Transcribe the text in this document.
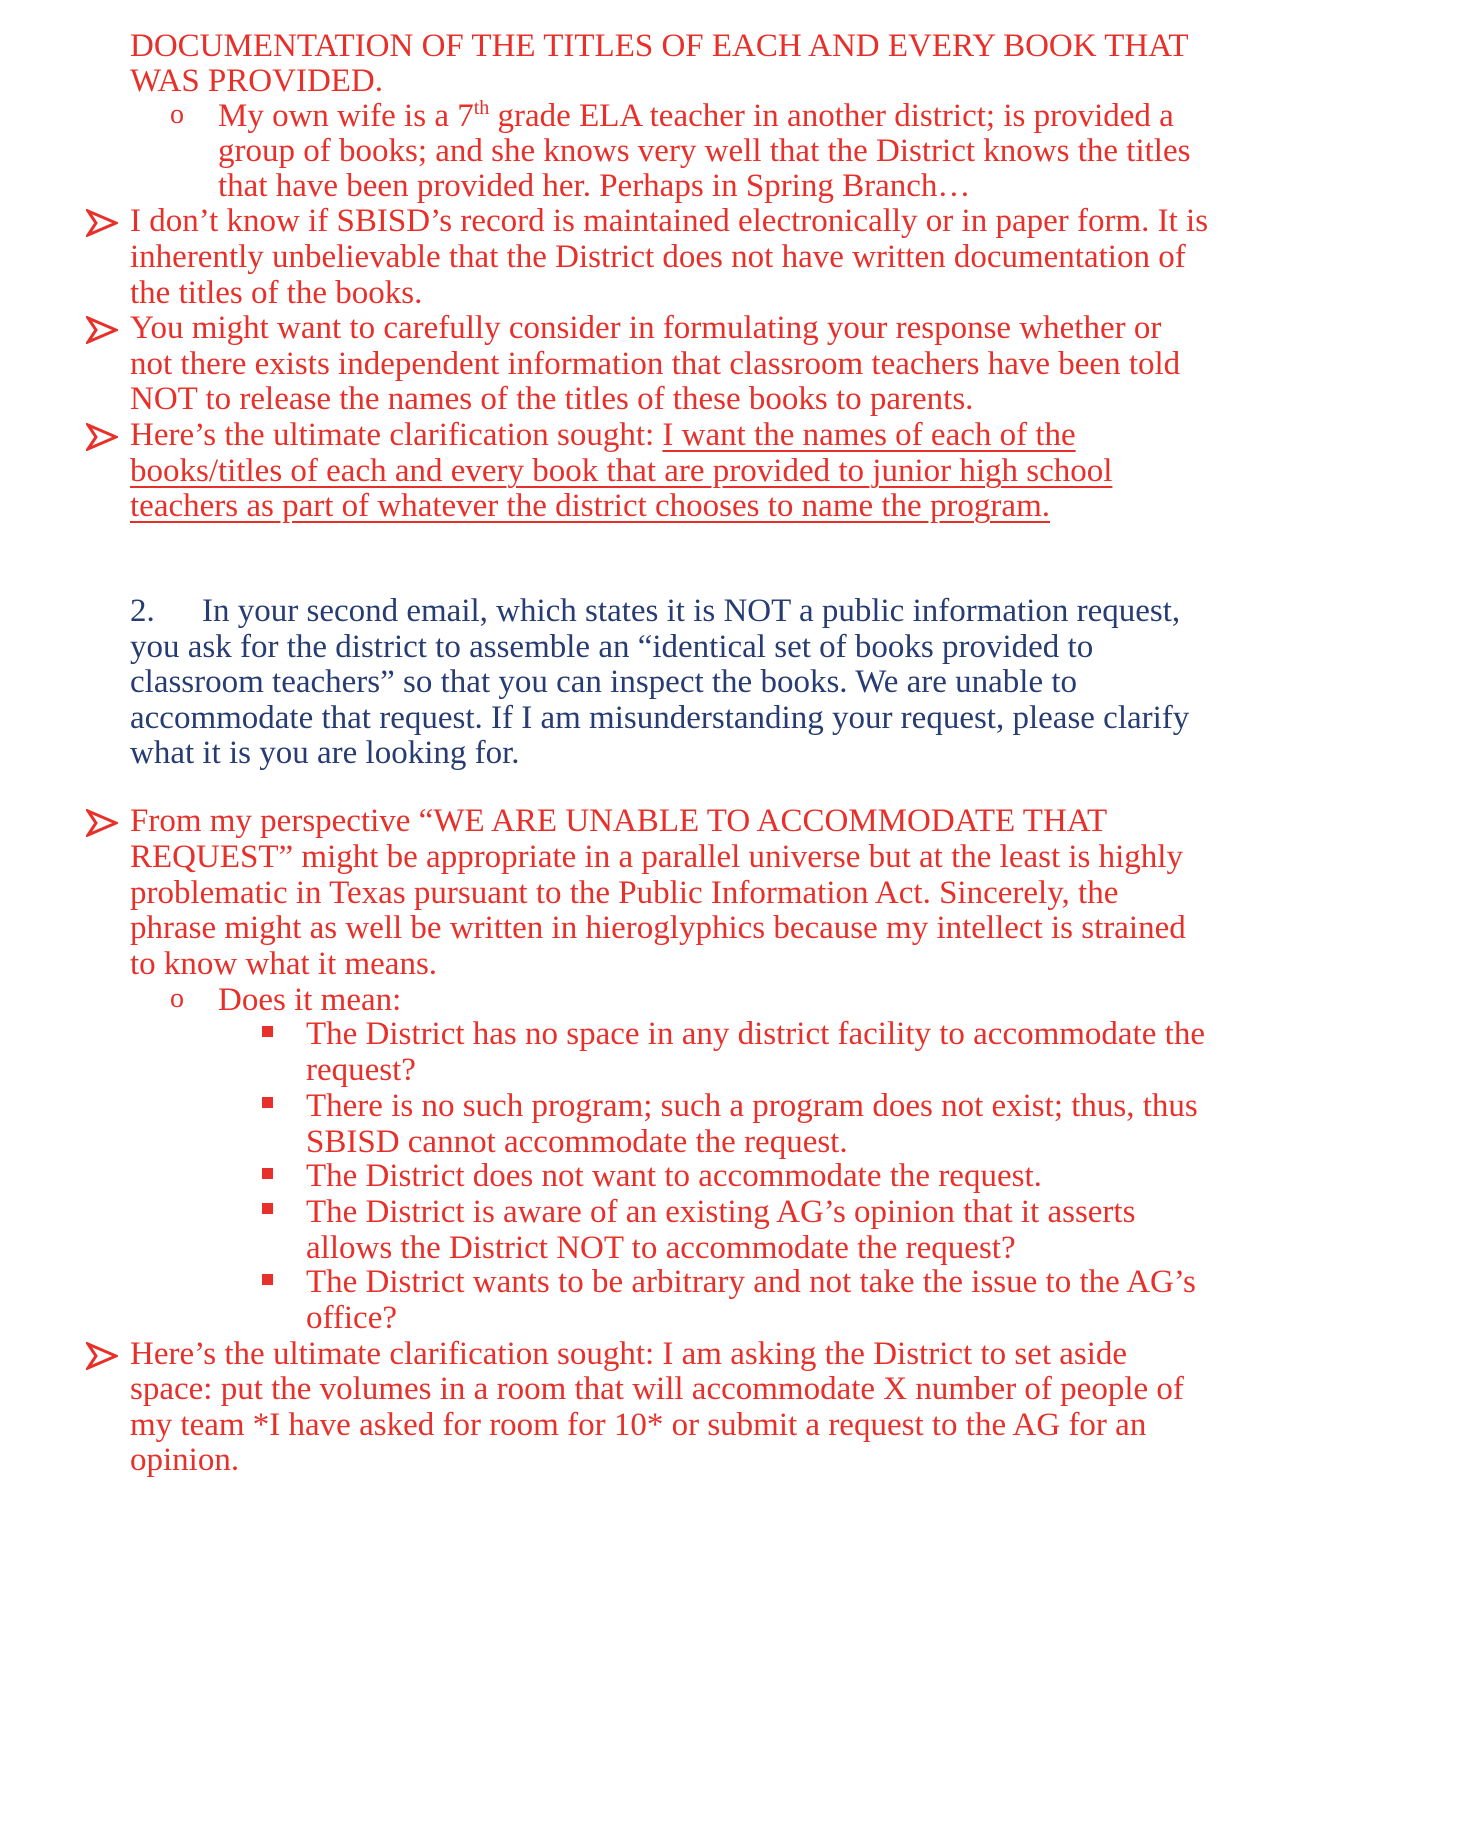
DOCUMENTATION OF THE TITLES OF EACH AND EVERY BOOK THAT
WAS PROVIDED.
o My own wife is a 7th grade ELA teacher in another district; is provided a
group of books; and she knows very well that the District knows the titles
that have been provided her. Perhaps in Spring Branch…
I don’t know if SBISD’s record is maintained electronically or in paper form. It is
inherently unbelievable that the District does not have written documentation of
the titles of the books.
You might want to carefully consider in formulating your response whether or
not there exists independent information that classroom teachers have been told
NOT to release the names of the titles of these books to parents.
Here’s the ultimate clarification sought: I want the names of each of the
books/titles of each and every book that are provided to junior high school
teachers as part of whatever the district chooses to name the program.
2. In your second email, which states it is NOT a public information request,
you ask for the district to assemble an “identical set of books provided to
classroom teachers” so that you can inspect the books. We are unable to
accommodate that request. If I am misunderstanding your request, please clarify
what it is you are looking for.
From my perspective “WE ARE UNABLE TO ACCOMMODATE THAT
REQUEST” might be appropriate in a parallel universe but at the least is highly
problematic in Texas pursuant to the Public Information Act. Sincerely, the
phrase might as well be written in hieroglyphics because my intellect is strained
to know what it means.
o Does it mean:
The District has no space in any district facility to accommodate the
request?
There is no such program; such a program does not exist; thus, thus
SBISD cannot accommodate the request.
The District does not want to accommodate the request.
The District is aware of an existing AG’s opinion that it asserts
allows the District NOT to accommodate the request?
The District wants to be arbitrary and not take the issue to the AG’s
office?
Here’s the ultimate clarification sought: I am asking the District to set aside
space: put the volumes in a room that will accommodate X number of people of
my team *I have asked for room for 10* or submit a request to the AG for an
opinion.
